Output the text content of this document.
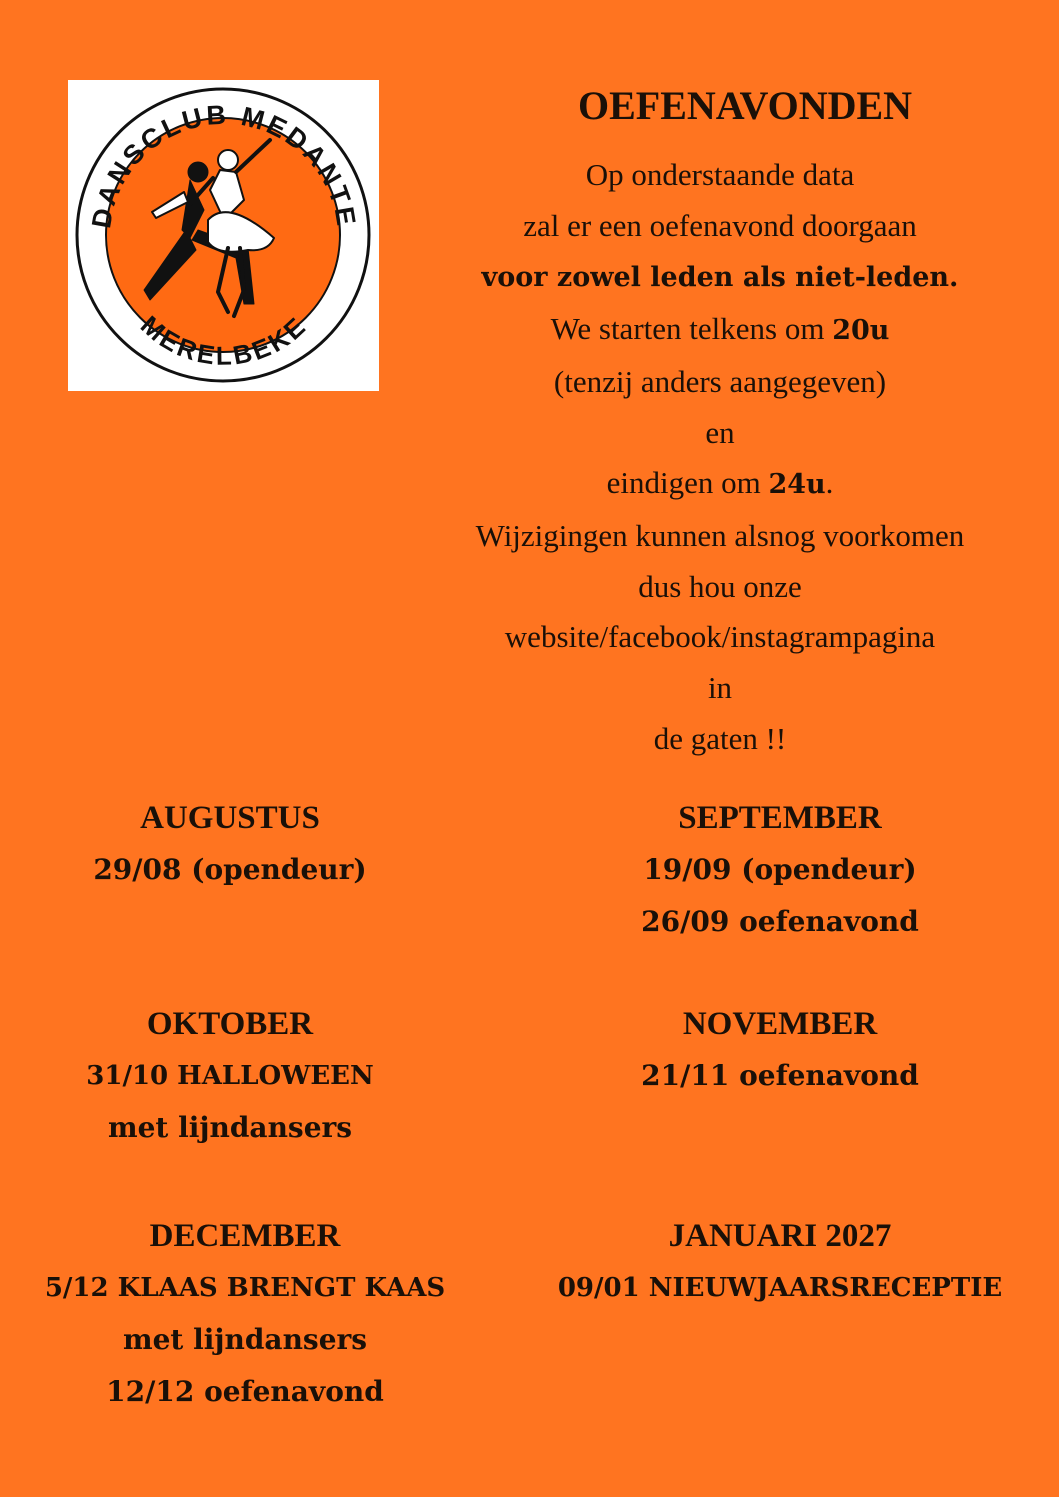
DANSCLUB MEDANTE
MERELBEKE
OEFENAVONDEN
Op onderstaande data
zal er een oefenavond doorgaan
voor zowel leden als niet-leden.
We starten telkens om 20u
(tenzij anders aangegeven)
en
eindigen om 24u.
Wijzigingen kunnen alsnog voorkomen
dus hou onze
website/facebook/instagrampagina
in
de gaten !!
AUGUSTUS
29/08 (opendeur)
SEPTEMBER
19/09 (opendeur)
26/09 oefenavond
OKTOBER
31/10 HALLOWEEN
met lijndansers
NOVEMBER
21/11 oefenavond
DECEMBER
5/12 KLAAS BRENGT KAAS
met lijndansers
12/12 oefenavond
JANUARI 2027
09/01 NIEUWJAARSRECEPTIE
